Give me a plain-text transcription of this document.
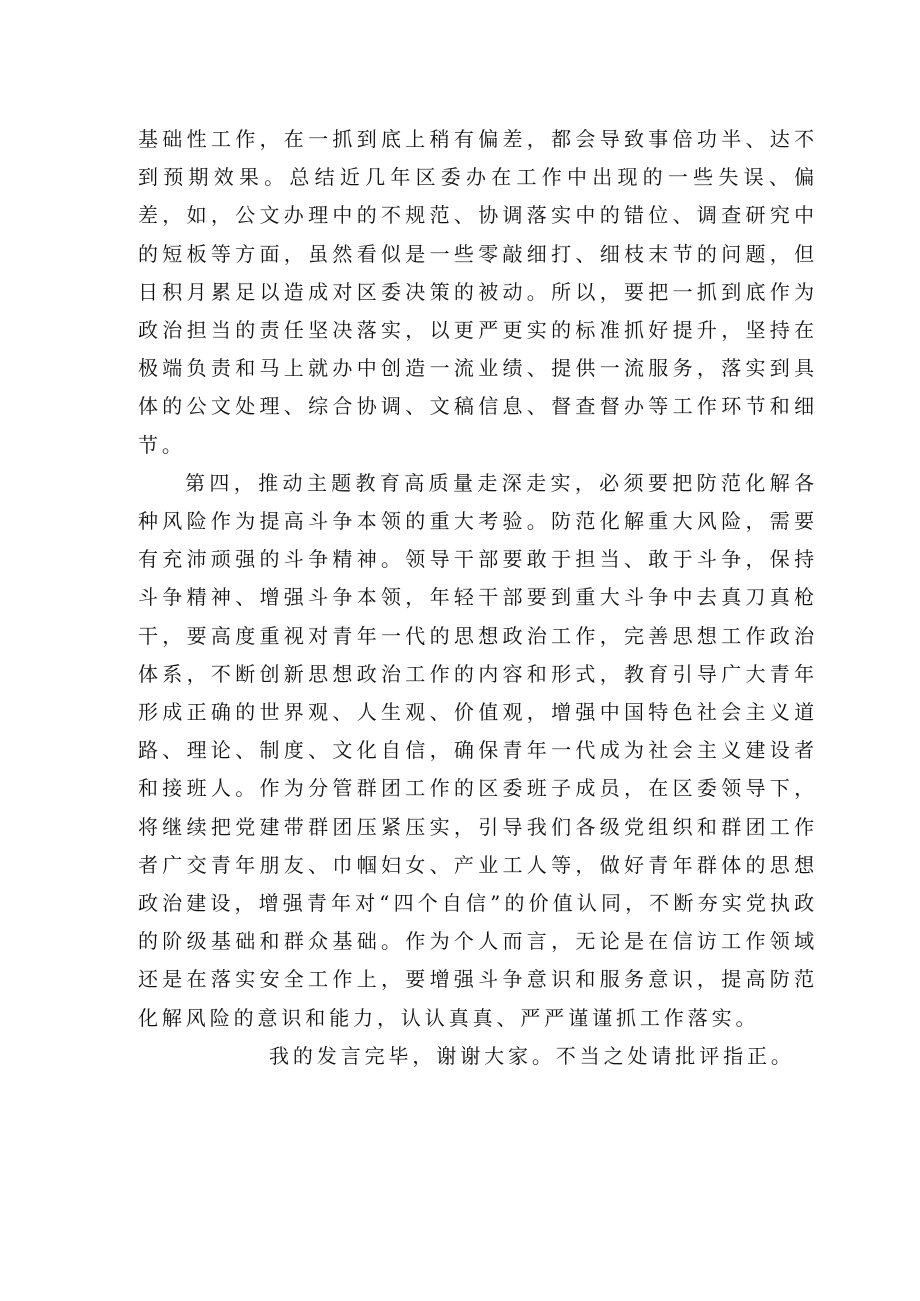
基础性工作，在一抓到底上稍有偏差，都会导致事倍功半、达不到预期效果。总结近几年区委办在工作中出现的一些失误、偏差，如，公文办理中的不规范、协调落实中的错位、调查研究中的短板等方面，虽然看似是一些零敲细打、细枝末节的问题，但日积月累足以造成对区委决策的被动。所以，要把一抓到底作为政治担当的责任坚决落实，以更严更实的标准抓好提升，坚持在极端负责和马上就办中创造一流业绩、提供一流服务，落实到具体的公文处理、综合协调、文稿信息、督查督办等工作环节和细节。

第四，推动主题教育高质量走深走实，必须要把防范化解各种风险作为提高斗争本领的重大考验。防范化解重大风险，需要有充沛顽强的斗争精神。领导干部要敢于担当、敢于斗争，保持斗争精神、增强斗争本领，年轻干部要到重大斗争中去真刀真枪干，要高度重视对青年一代的思想政治工作，完善思想工作政治体系，不断创新思想政治工作的内容和形式，教育引导广大青年形成正确的世界观、人生观、价值观，增强中国特色社会主义道路、理论、制度、文化自信，确保青年一代成为社会主义建设者和接班人。作为分管群团工作的区委班子成员，在区委领导下，将继续把党建带群团压紧压实，引导我们各级党组织和群团工作者广交青年朋友、巾帼妇女、产业工人等，做好青年群体的思想政治建设，增强青年对“四个自信”的价值认同，不断夯实党执政的阶级基础和群众基础。作为个人而言，无论是在信访工作领域还是在落实安全工作上，要增强斗争意识和服务意识，提高防范化解风险的意识和能力，认认真真、严严谨谨抓工作落实。

我的发言完毕，谢谢大家。不当之处请批评指正。
